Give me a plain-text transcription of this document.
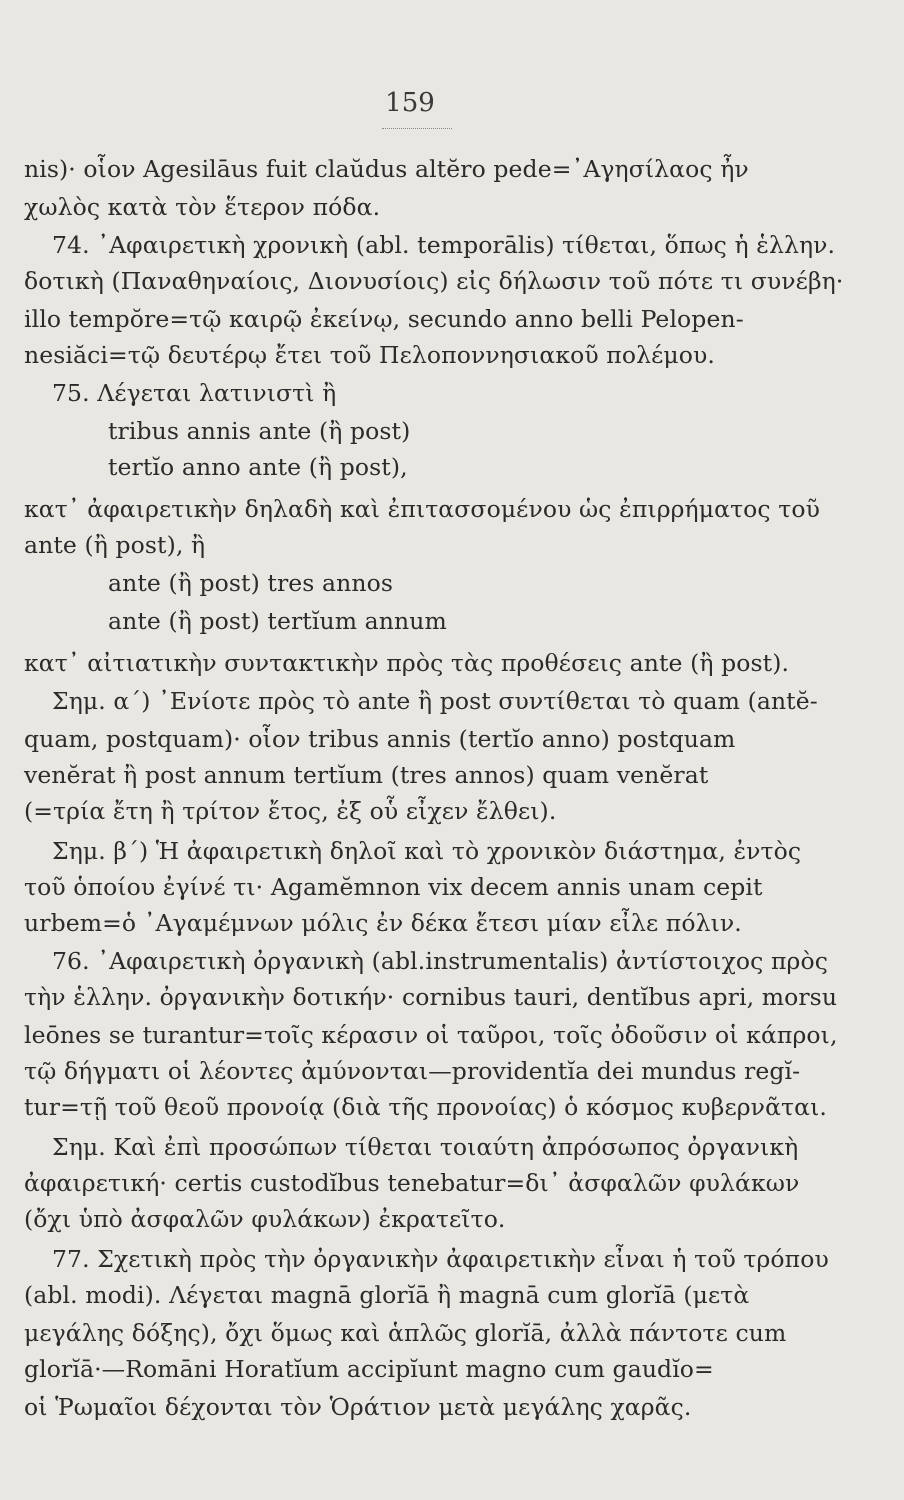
159
nis)· οἷον Agesilāus fuit claŭdus altĕro pede=᾿Αγησίλαος ἦν
χωλὸς κατὰ τὸν ἕτερον πόδα.
74. ᾿Αφαιρετικὴ χρονικὴ (abl. temporālis) τίθεται, ὅπως ἡ ἑλλην.
δοτικὴ (Παναθηναίοις, Διονυσίοις) εἰς δήλωσιν τοῦ πότε τι συνέβη·
illo tempŏre=τῷ καιρῷ ἐκείνῳ, secundo anno belli Pelopen-
nesiăci=τῷ δευτέρῳ ἔτει τοῦ Πελοποννησιακοῦ πολέμου.
75. Λέγεται λατινιστὶ ἢ
tribus annis ante (ἢ post)
tertĭo anno ante (ἢ post),
κατ᾿ ἀφαιρετικὴν δηλαδὴ καὶ ἐπιτασσομένου ὡς ἐπιρρήματος τοῦ
ante (ἢ post), ἢ
ante (ἢ post) tres annos
ante (ἢ post) tertĭum annum
κατ᾿ αἰτιατικὴν συντακτικὴν πρὸς τὰς προθέσεις ante (ἢ post).
Σημ. α´) ᾿Ενίοτε πρὸς τὸ ante ἢ post συντίθεται τὸ quam (antĕ-
quam, postquam)· οἷον tribus annis (tertĭo anno) postquam
venĕrat ἢ post annum tertĭum (tres annos) quam venĕrat
(=τρία ἔτη ἢ τρίτον ἔτος, ἐξ οὗ εἶχεν ἔλθει).
Σημ. β´) Ἡ ἀφαιρετικὴ δηλοῖ καὶ τὸ χρονικὸν διάστημα, ἐντὸς
τοῦ ὁποίου ἐγίνέ τι· Agamĕmnon vix decem annis unam cepit
urbem=ὁ ᾿Αγαμέμνων μόλις ἐν δέκα ἔτεσι μίαν εἶλε πόλιν.
76. ᾿Αφαιρετικὴ ὀργανικὴ (abl.instrumentalis) ἀντίστοιχος πρὸς
τὴν ἑλλην. ὀργανικὴν δοτικήν· cornibus tauri, dentĭbus apri, morsu
leōnes se turantur=τοῖς κέρασιν οἱ ταῦροι, τοῖς ὀδοῦσιν οἱ κάπροι,
τῷ δήγματι οἱ λέοντες ἀμύνονται—providentĭa dei mundus regĭ-
tur=τῇ τοῦ θεοῦ προνοίᾳ (διὰ τῆς προνοίας) ὁ κόσμος κυβερνᾶται.
Σημ. Καὶ ἐπὶ προσώπων τίθεται τοιαύτη ἀπρόσωπος ὀργανικὴ
ἀφαιρετική· certis custodĭbus tenebatur=δι᾿ ἀσφαλῶν φυλάκων
(ὄχι ὑπὸ ἀσφαλῶν φυλάκων) ἐκρατεῖτο.
77. Σχετικὴ πρὸς τὴν ὀργανικὴν ἀφαιρετικὴν εἶναι ἡ τοῦ τρόπου
(abl. modi). Λέγεται magnā glorĭā ἢ magnā cum glorĭā (μετὰ
μεγάλης δόξης), ὄχι ὅμως καὶ ἁπλῶς glorĭā, ἀλλὰ πάντοτε cum
glorĭā·—Romāni Horatĭum accipĭunt magno cum gaudĭo=
οἱ Ῥωμαῖοι δέχονται τὸν Ὁράτιον μετὰ μεγάλης χαρᾶς.
